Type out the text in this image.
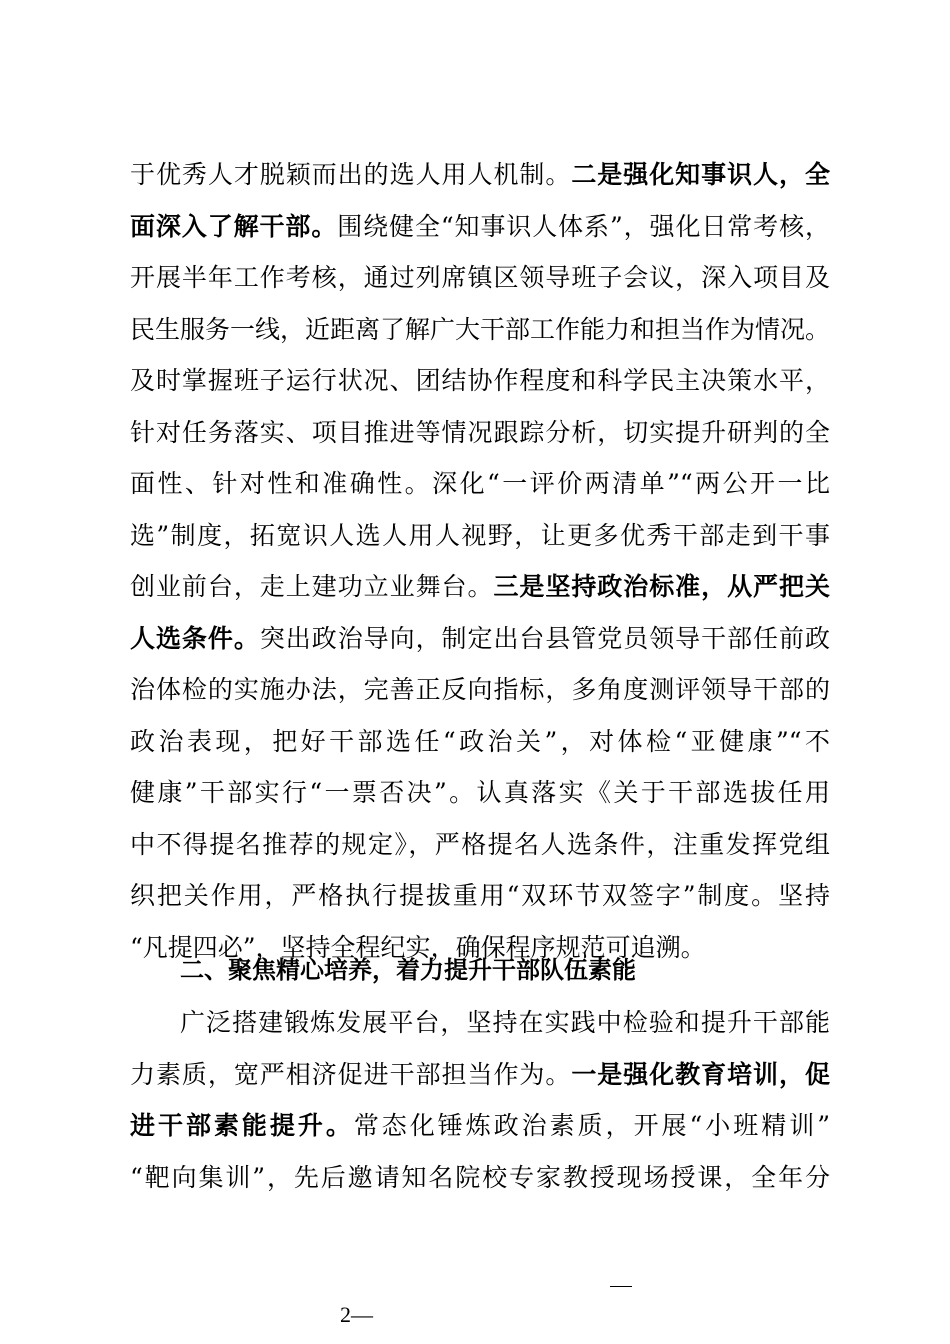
于优秀人才脱颖而出的选人用人机制。二是强化知事识人，全
面深入了解干部。围绕健全“知事识人体系”，强化日常考核，
开展半年工作考核，通过列席镇区领导班子会议，深入项目及
民生服务一线，近距离了解广大干部工作能力和担当作为情况。
及时掌握班子运行状况、团结协作程度和科学民主决策水平，
针对任务落实、项目推进等情况跟踪分析，切实提升研判的全
面性、针对性和准确性。深化“一评价两清单”“两公开一比
选”制度，拓宽识人选人用人视野，让更多优秀干部走到干事
创业前台，走上建功立业舞台。三是坚持政治标准，从严把关
人选条件。突出政治导向，制定出台县管党员领导干部任前政
治体检的实施办法，完善正反向指标，多角度测评领导干部的
政治表现，把好干部选任“政治关”，对体检“亚健康”“不
健康”干部实行“一票否决”。认真落实《关于干部选拔任用
中不得提名推荐的规定》，严格提名人选条件，注重发挥党组
织把关作用，严格执行提拔重用“双环节双签字”制度。坚持
“凡提四必”，坚持全程纪实，确保程序规范可追溯。
二、聚焦精心培养，着力提升干部队伍素能
广泛搭建锻炼发展平台，坚持在实践中检验和提升干部能
力素质，宽严相济促进干部担当作为。一是强化教育培训，促
进干部素能提升。常态化锤炼政治素质，开展“小班精训”
“靶向集训”，先后邀请知名院校专家教授现场授课，全年分
2—
